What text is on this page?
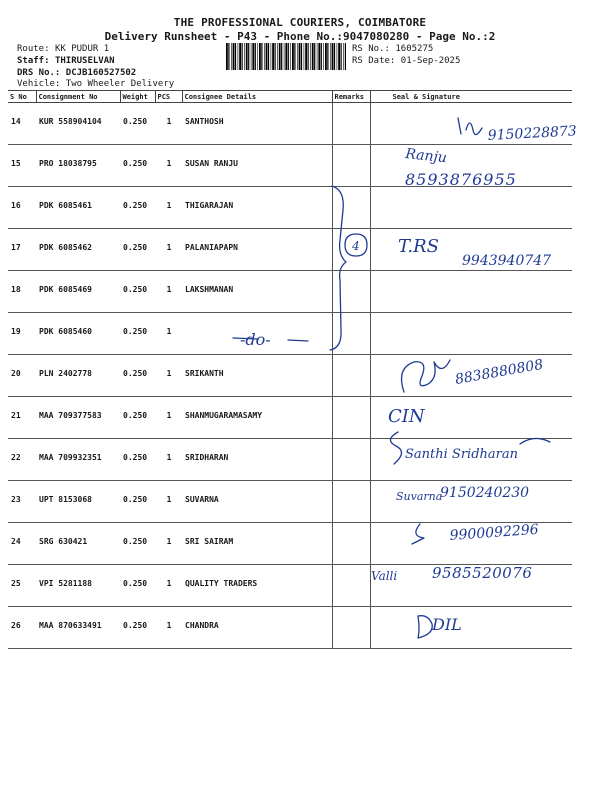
THE PROFESSIONAL COURIERS, COIMBATORE
Delivery Runsheet - P43 - Phone No.:9047080280 - Page No.:2
Route: KK PUDUR 1
Staff: THIRUSELVAN
DRS No.: DCJB160527502
Vehicle: Two Wheeler Delivery
RS No.: 1605275
RS Date: 01-Sep-2025
S No	Consignment No	Weight	PCS	Consignee Details	Remarks	Seal & Signature
14	KUR 558904104	0.250	1	SANTHOSH		
15	PRO 18038795	0.250	1	SUSAN RANJU		
16	PDK 6085461	0.250	1	THIGARAJAN		
17	PDK 6085462	0.250	1	PALANIAPAPN		
18	PDK 6085469	0.250	1	LAKSHMANAN		
19	PDK 6085460	0.250	1			
20	PLN 2402778	0.250	1	SRIKANTH		
21	MAA 709377583	0.250	1	SHANMUGARAMASAMY		
22	MAA 709932351	0.250	1	SRIDHARAN		
23	UPT 8153068	0.250	1	SUVARNA		
24	SRG 630421	0.250	1	SRI SAIRAM		
25	VPI 5281188	0.250	1	QUALITY TRADERS		
26	MAA 870633491	0.250	1	CHANDRA		
9150228873
Ranju
8593876955
4 T.RS
9943940747
-do-
8838880808
CIN
Santhi Sridharan
Suvarna
9150240230
9900092296
Valli 9585520076
DIL
